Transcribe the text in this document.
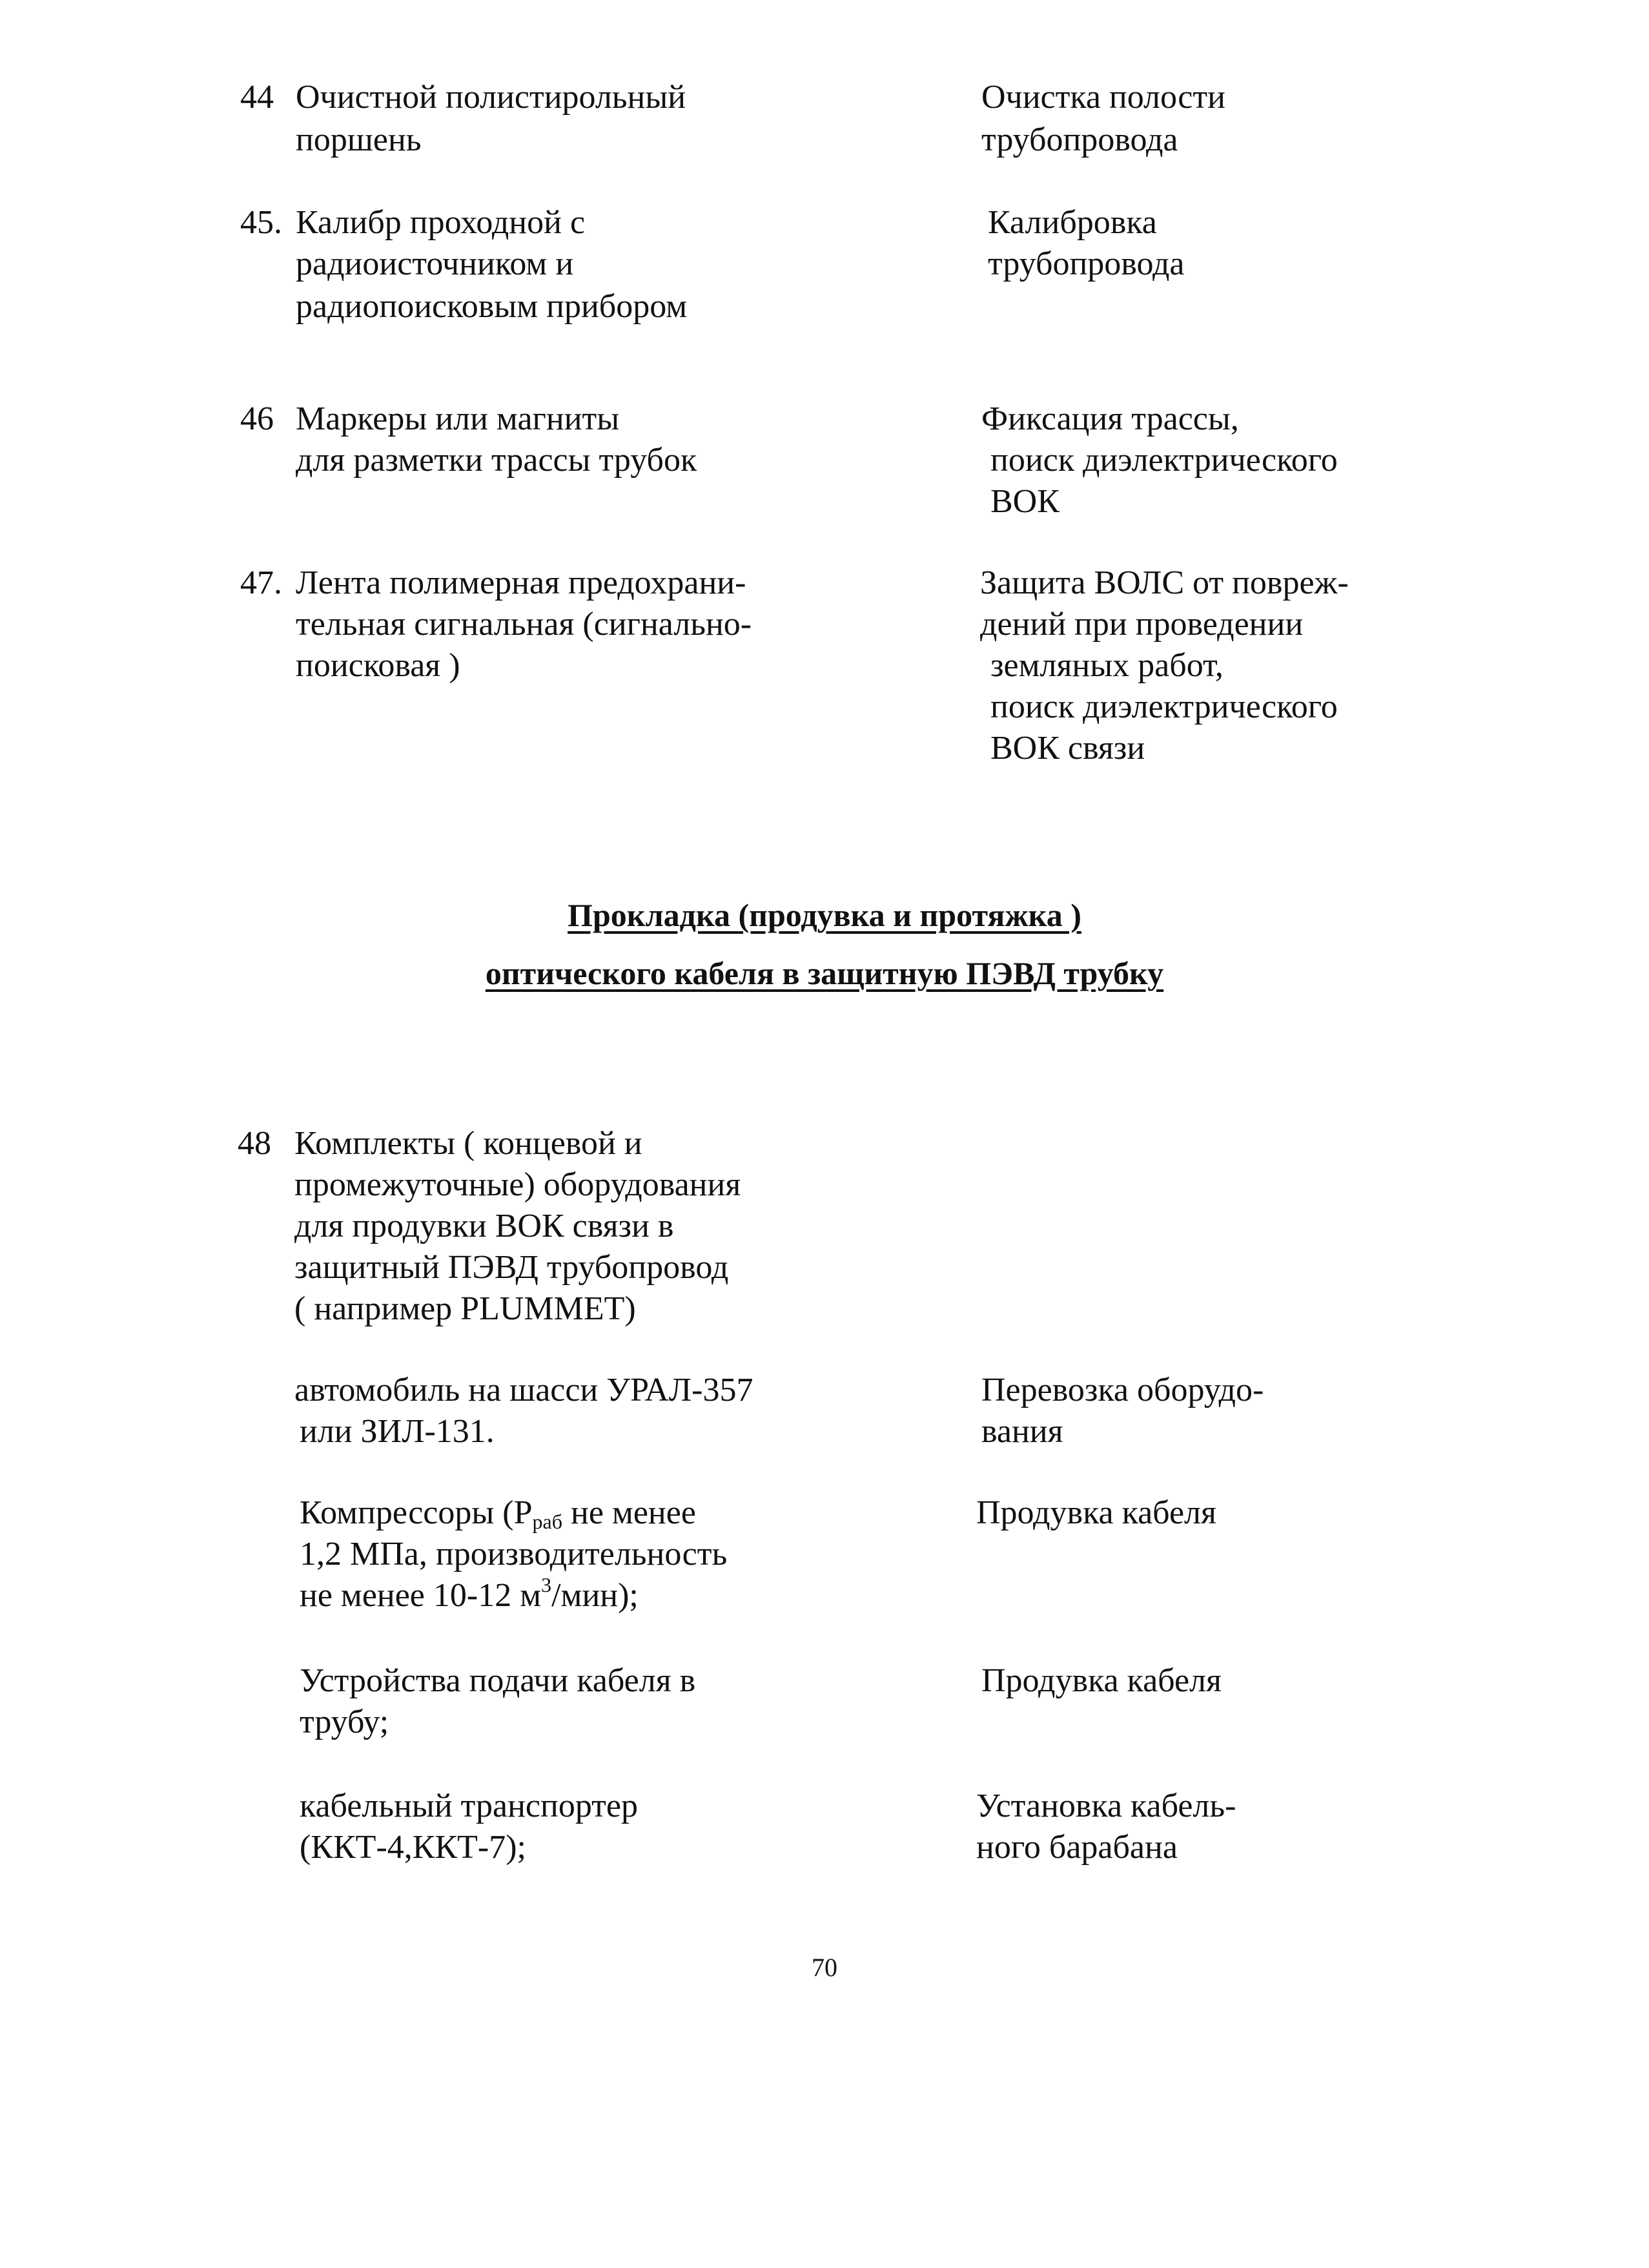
44 Очистной полистирольный
поршень
Очистка полости
трубопровода
45. Калибр проходной с
радиоисточником и
радиопоисковым прибором
Калибровка
трубопровода
46 Маркеры или магниты
для разметки трассы трубок
Фиксация трассы,
поиск диэлектрического
ВОК
47. Лента полимерная предохрани-
тельная сигнальная (сигнально-
поисковая )
Защита ВОЛС от повреж-
дений при проведении
земляных работ,
поиск диэлектрического
ВОК связи
Прокладка (продувка и протяжка )
оптического кабеля в защитную ПЭВД трубку
48 Комплекты ( концевой и
промежуточные) оборудования
для продувки ВОК связи в
защитный ПЭВД трубопровод
( например PLUMMET)
автомобиль на шасси УРАЛ-357
или ЗИЛ-131.
Перевозка оборудо-
вания
Компрессоры ($Р_{раб}$ не менее
1,2 МПа, производительность
не менее 10-12 $м^3/мин$);
Продувка кабеля
Устройства подачи кабеля в
трубу;
Продувка кабеля
кабельный транспортер
(ККТ-4,ККТ-7);
Установка кабель-
ного барабана
70
